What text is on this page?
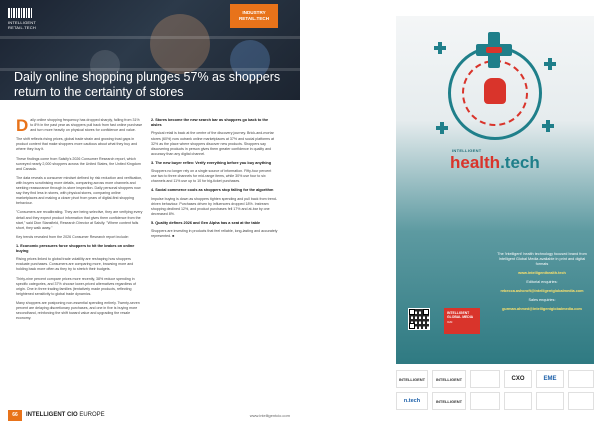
INTELLIGENT
RETAIL.TECH
INDUSTRY
RETAIL.TECH
Daily online shopping plunges 57% as shoppers return to the certainty of stores

Daily online shopping frequency has dropped sharply, falling from 31% to 8% in the past year as shoppers pull back from fast online purchase and turn more heavily on physical stores for confidence and value.

The shift reflects rising prices, global trade strain and growing trust gaps in product content that make shoppers more cautious about what they buy and where they buy it.

These findings come from Salsify's 2026 Consumer Research report, which surveyed nearly 2,000 shoppers across the United States, the United Kingdom and Canada.

The data reveals a consumer mindset defined by risk reduction and verification, with buyers scrutinising more details, comparing across more channels and seeking reassurance through in-store inspection. Daily personal shoppers now say they find less in stores, with physical stores, comparing online marketplaces and making a closer pivot from years of digital-first shopping behaviour.

"Consumers are recalibrating. They are being selective, they are verifying every detail and they expect product information that gives them confidence from the start," said Dion Stansfield, Research Director at Salsify. "Where content falls short, they walk away."

Key trends revealed from the 2026 Consumer Research report include:

1. Economic pressures force shoppers to hit the brakes on online buying

Rising prices linked to global trade volatility are reshaping how shoppers evaluate purchases. Consumers are comparing more, browsing more and holding back more often as they try to stretch their budgets.

Thirty-nine percent compare prices more recently, 38% reduce spending in specific categories, and 37% choose lower-priced alternatives regardless of origin. One in three trading families (tentatively made products, reflecting heightened sensitivity to global trade dynamics.

Many shoppers are postponing non-essential spending entirely. Twenty-seven percent are delaying discretionary purchases, and one in five is buying more secondhand, reinforcing the shift toward value and upgrading the resale economy.

2. Stores become the new search bar as shoppers go back to the aisles

Physical retail is back at the centre of the discovery journey. Brick-and-mortar stores (60%) now outrank online marketplaces at 37% and social platforms at 32% as the place where shoppers discover new products. Shoppers say discovering products in person gives them greater confidence in quality and accuracy than any digital channel.

3. The new buyer reflex: Verify everything before you buy anything

Shoppers no longer rely on a single source of information. Fifty-four percent use two to three channels for mid-range items, while 30% use four to six channels and 11% use up to 10 for big-ticket purchases.

4. Social commerce cools as shoppers stop falling for the algorithm

Impulse buying is down as shoppers tighten spending and pull back from trend-driven behaviour. Purchases driven by influencers dropped 18%. Instream shopping declined 12%, and product purchases fell 17% and at-bar by one decreased 8%.

5. Quality defines 2026 and Gen Alpha has a seat at the table

Shoppers are investing in products that feel reliable, long-lasting and accurately represented. ■

66	INTELLIGENT CIO EUROPE	www.intelligentcio.com
INTELLIGENT
health.tech
The 'intelligent' health technology focused brand from Intelligent Global Media available in print and digital formats
www.intelligenthealth.tech
Editorial enquiries:
rebecca.ashcroft@intelligentglobalmedia.com
Sales enquiries:
gurman.ahmed@intelligentglobalmedia.com
INTELLIGENT
GLOBAL MEDIA
IGM
INTELLIGENT	INTELLIGENT	CXO	EME
n.tech	INTELLIGENT
